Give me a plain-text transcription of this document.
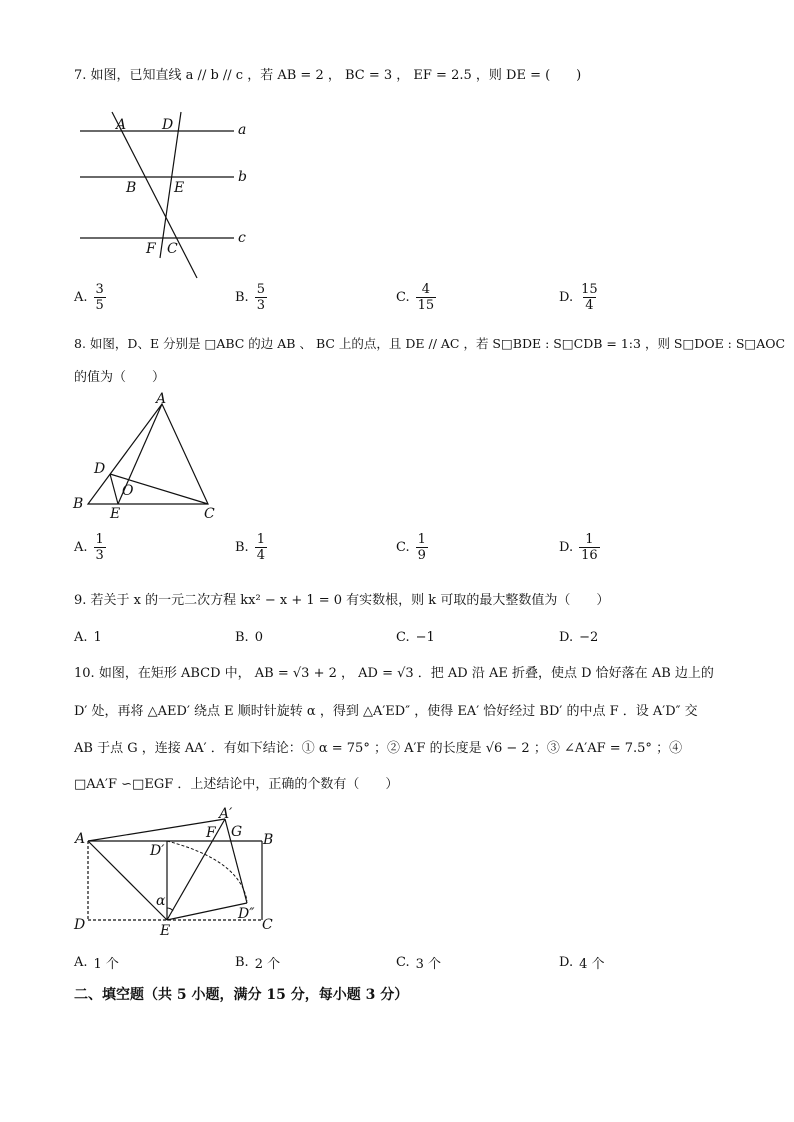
7. 如图，已知直线 a // b // c ，若 AB = 2 ， BC = 3 ， EF = 2.5 ，则 DE = (　　)
A	D	a
B	E
b
F C
c
A. $\frac{3}{5}$	B. $\frac{5}{3}$	C. $\frac{4}{15}$	D. $\frac{15}{4}$
8. 如图，D、E 分别是 □ABC 的边 AB 、 BC 上的点，且 DE // AC ，若 S□BDE : S□CDB = 1:3 ，则 S□DOE : S□AOC
的值为（　　）
A
D
O
B
E	C
A. $\frac{1}{3}$	B. $\frac{1}{4}$	C. $\frac{1}{9}$	D. $\frac{1}{16}$
9. 若关于 x 的一元二次方程 kx² − x + 1 = 0 有实数根，则 k 可取的最大整数值为（　　）
A. 1	B. 0	C. −1	D. −2
10. 如图，在矩形 ABCD 中， AB = √3 + 2 ， AD = √3 ．把 AD 沿 AE 折叠，使点 D 恰好落在 AB 边上的
D′ 处，再将 △AED′ 绕点 E 顺时针旋转 α ，得到 △A′ED″ ，使得 EA′ 恰好经过 BD′ 的中点 F ．设 A′D″ 交
AB 于点 G ，连接 AA′ ．有如下结论：① α = 75° ；② A′F 的长度是 √6 − 2 ；③ ∠A′AF = 7.5° ；④
□AA′F ∽□EGF ．上述结论中，正确的个数有（　　）
A
A′
F G B
D′
α
D″
D	E	C
A. 1 个	B. 2 个	C. 3 个	D. 4 个
二、填空题（共 5 小题，满分 15 分，每小题 3 分）
